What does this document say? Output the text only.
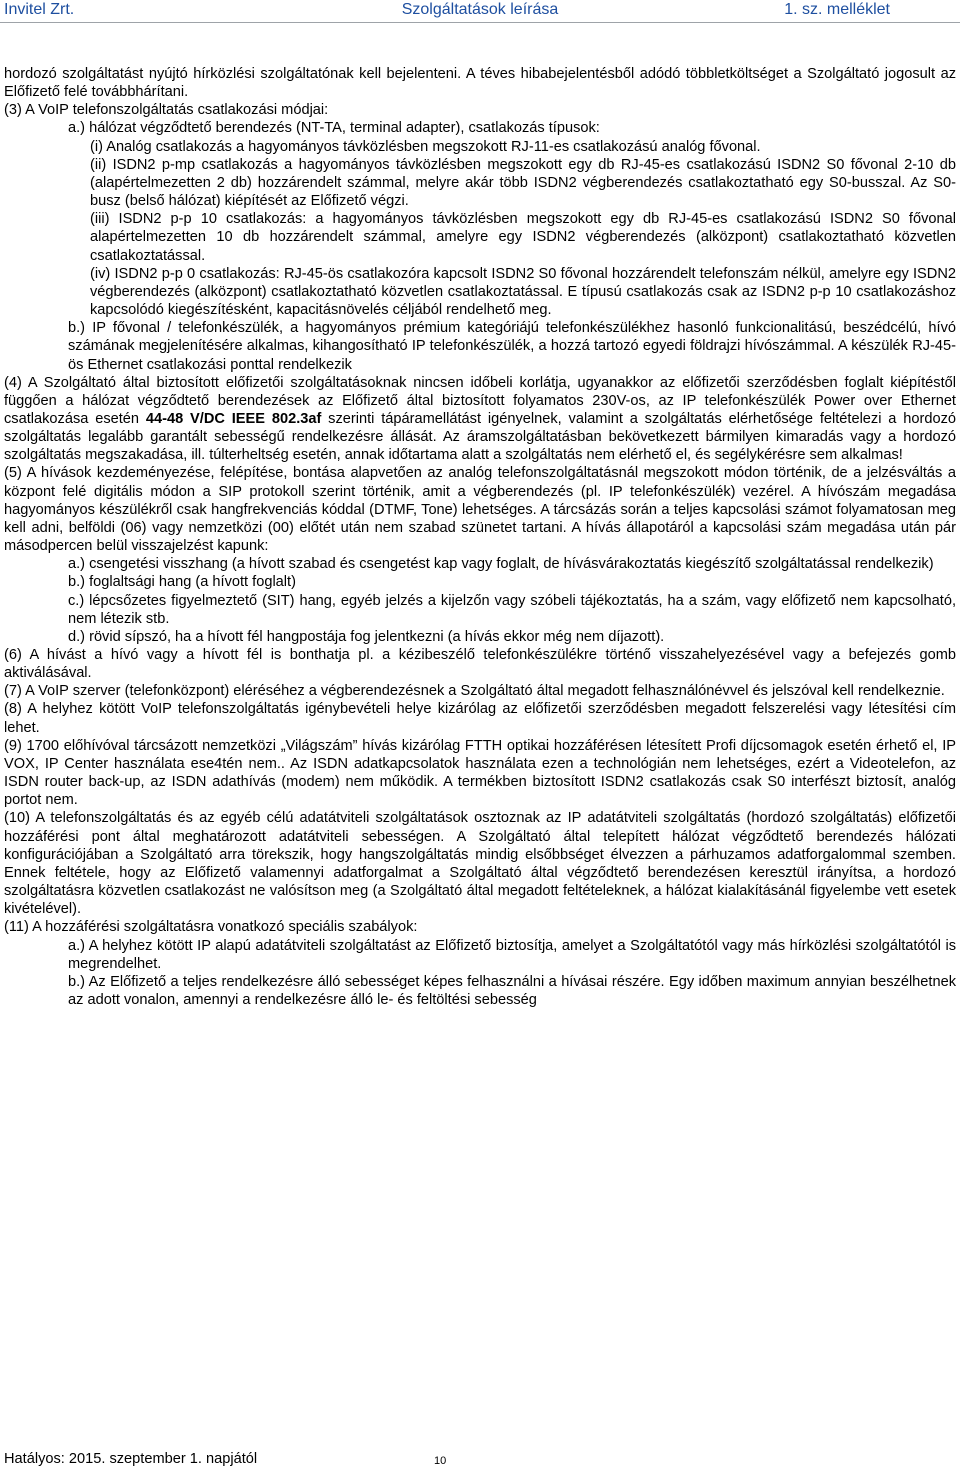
Invitel Zrt.	Szolgáltatások leírása	1. sz. melléklet

hordozó szolgáltatást nyújtó hírközlési szolgáltatónak kell bejelenteni. A téves hibabejelentésből adódó többletköltséget a Szolgáltató jogosult az Előfizető felé továbbhárítani.

(3) A VoIP telefonszolgáltatás csatlakozási módjai:

a.) hálózat végződtető berendezés (NT-TA, terminal adapter), csatlakozás típusok:

(i) Analóg csatlakozás a hagyományos távközlésben megszokott RJ-11-es csatlakozású analóg fővonal.

(ii) ISDN2 p-mp csatlakozás a hagyományos távközlésben megszokott egy db RJ-45-es csatlakozású ISDN2 S0 fővonal 2-10 db (alapértelmezetten 2 db) hozzárendelt számmal, melyre akár több ISDN2 végberendezés csatlakoztatható egy S0-busszal. Az S0- busz (belső hálózat) kiépítését az Előfizető végzi.

(iii) ISDN2 p-p 10 csatlakozás: a hagyományos távközlésben megszokott egy db RJ-45-es csatlakozású ISDN2 S0 fővonal alapértelmezetten 10 db hozzárendelt számmal, amelyre egy ISDN2 végberendezés (alközpont) csatlakoztatható közvetlen csatlakoztatással.

(iv) ISDN2 p-p 0 csatlakozás: RJ-45-ös csatlakozóra kapcsolt ISDN2 S0 fővonal hozzárendelt telefonszám nélkül, amelyre egy ISDN2 végberendezés (alközpont) csatlakoztatható közvetlen csatlakoztatással. E típusú csatlakozás csak az ISDN2 p-p 10 csatlakozáshoz kapcsolódó kiegészítésként, kapacitásnövelés céljából rendelhető meg.

b.) IP fővonal / telefonkészülék, a hagyományos prémium kategóriájú telefonkészülékhez hasonló funkcionalitású, beszédcélú, hívó számának megjelenítésére alkalmas, kihangosítható IP telefonkészülék, a hozzá tartozó egyedi földrajzi hívószámmal. A készülék RJ-45-ös Ethernet csatlakozási ponttal rendelkezik

(4) A Szolgáltató által biztosított előfizetői szolgáltatásoknak nincsen időbeli korlátja, ugyanakkor az előfizetői szerződésben foglalt kiépítéstől függően a hálózat végződtető berendezések az Előfizető által biztosított folyamatos 230V-os, az IP telefonkészülék Power over Ethernet csatlakozása esetén 44-48 V/DC IEEE 802.3af szerinti tápáramellátást igényelnek, valamint a szolgáltatás elérhetősége feltételezi a hordozó szolgáltatás legalább garantált sebességű rendelkezésre állását. Az áramszolgáltatásban bekövetkezett bármilyen kimaradás vagy a hordozó szolgáltatás megszakadása, ill. túlterheltség esetén, annak időtartama alatt a szolgáltatás nem elérhető el, és segélykérésre sem alkalmas!

(5) A hívások kezdeményezése, felépítése, bontása alapvetően az analóg telefonszolgáltatásnál megszokott módon történik, de a jelzésváltás a központ felé digitális módon a SIP protokoll szerint történik, amit a végberendezés (pl. IP telefonkészülék) vezérel. A hívószám megadása hagyományos készülékről csak hangfrekvenciás kóddal (DTMF, Tone) lehetséges. A tárcsázás során a teljes kapcsolási számot folyamatosan meg kell adni, belföldi (06) vagy nemzetközi (00) előtét után nem szabad szünetet tartani. A hívás állapotáról a kapcsolási szám megadása után pár másodpercen belül visszajelzést kapunk:

a.) csengetési visszhang (a hívott szabad és csengetést kap vagy foglalt, de hívásvárakoztatás kiegészítő szolgáltatással rendelkezik)

b.) foglaltsági hang (a hívott foglalt)

c.) lépcsőzetes figyelmeztető (SIT) hang, egyéb jelzés a kijelzőn vagy szóbeli tájékoztatás, ha a szám, vagy előfizető nem kapcsolható, nem létezik stb.

d.) rövid sípszó, ha a hívott fél hangpostája fog jelentkezni (a hívás ekkor még nem díjazott).

(6) A hívást a hívó vagy a hívott fél is bonthatja pl. a kézibeszélő telefonkészülékre történő visszahelyezésével vagy a befejezés gomb aktiválásával.

(7) A VoIP szerver (telefonközpont) eléréséhez a végberendezésnek a Szolgáltató által megadott felhasználónévvel és jelszóval kell rendelkeznie.

(8) A helyhez kötött VoIP telefonszolgáltatás igénybevételi helye kizárólag az előfizetői szerződésben megadott felszerelési vagy létesítési cím lehet.

(9) 1700 előhívóval tárcsázott nemzetközi „Világszám” hívás kizárólag FTTH optikai hozzáférésen létesített Profi díjcsomagok esetén érhető el, IP VOX, IP Center használata ese4tén nem.. Az ISDN adatkapcsolatok használata ezen a technológián nem lehetséges, ezért a Videotelefon, az ISDN router back-up, az ISDN adathívás (modem) nem működik. A termékben biztosított ISDN2 csatlakozás csak S0 interfészt biztosít, analóg portot nem.

(10) A telefonszolgáltatás és az egyéb célú adatátviteli szolgáltatások osztoznak az IP adatátviteli szolgáltatás (hordozó szolgáltatás) előfizetői hozzáférési pont által meghatározott adatátviteli sebességen. A Szolgáltató által telepített hálózat végződtető berendezés hálózati konfigurációjában a Szolgáltató arra törekszik, hogy hangszolgáltatás mindig elsőbbséget élvezzen a párhuzamos adatforgalommal szemben. Ennek feltétele, hogy az Előfizető valamennyi adatforgalmat a Szolgáltató által végződtető berendezésen keresztül irányítsa, a hordozó szolgáltatásra közvetlen csatlakozást ne valósítson meg (a Szolgáltató által megadott feltételeknek, a hálózat kialakításánál figyelembe vett esetek kivételével).

(11) A hozzáférési szolgáltatásra vonatkozó speciális szabályok:

a.) A helyhez kötött IP alapú adatátviteli szolgáltatást az Előfizető biztosítja, amelyet a Szolgáltatótól vagy más hírközlési szolgáltatótól is megrendelhet.

b.) Az Előfizető a teljes rendelkezésre álló sebességet képes felhasználni a hívásai részére. Egy időben maximum annyian beszélhetnek az adott vonalon, amennyi a rendelkezésre álló le- és feltöltési sebesség

Hatályos: 2015. szeptember 1. napjától	10
